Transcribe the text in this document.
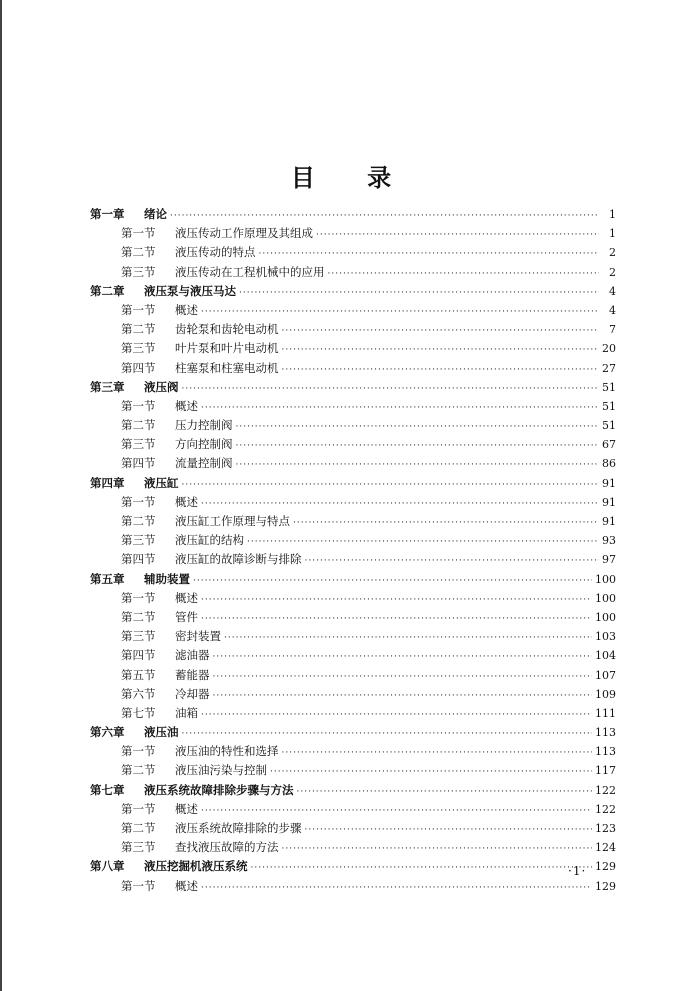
目 录
第一章	绪论 ·····	1
第一节	液压传动工作原理及其组成 ·····	1
第二节	液压传动的特点 ·····	2
第三节	液压传动在工程机械中的应用 ·····	2
第二章	液压泵与液压马达 ·····	4
第一节	概述 ·····	4
第二节	齿轮泵和齿轮电动机 ·····	7
第三节	叶片泵和叶片电动机 ·····	20
第四节	柱塞泵和柱塞电动机 ·····	27
第三章	液压阀 ·····	51
第一节	概述 ·····	51
第二节	压力控制阀 ·····	51
第三节	方向控制阀 ·····	67
第四节	流量控制阀 ·····	86
第四章	液压缸 ·····	91
第一节	概述 ·····	91
第二节	液压缸工作原理与特点 ·····	91
第三节	液压缸的结构 ·····	93
第四节	液压缸的故障诊断与排除 ·····	97
第五章	辅助装置 ·····	100
第一节	概述 ·····	100
第二节	管件 ·····	100
第三节	密封装置 ·····	103
第四节	滤油器 ·····	104
第五节	蓄能器 ·····	107
第六节	冷却器 ·····	109
第七节	油箱 ·····	111
第六章	液压油 ·····	113
第一节	液压油的特性和选择 ·····	113
第二节	液压油污染与控制 ·····	117
第七章	液压系统故障排除步骤与方法 ·····	122
第一节	概述 ·····	122
第二节	液压系统故障排除的步骤 ·····	123
第三节	查找液压故障的方法 ·····	124
第八章	液压挖掘机液压系统 ·····	129
第一节	概述 ·····	129
·1·
